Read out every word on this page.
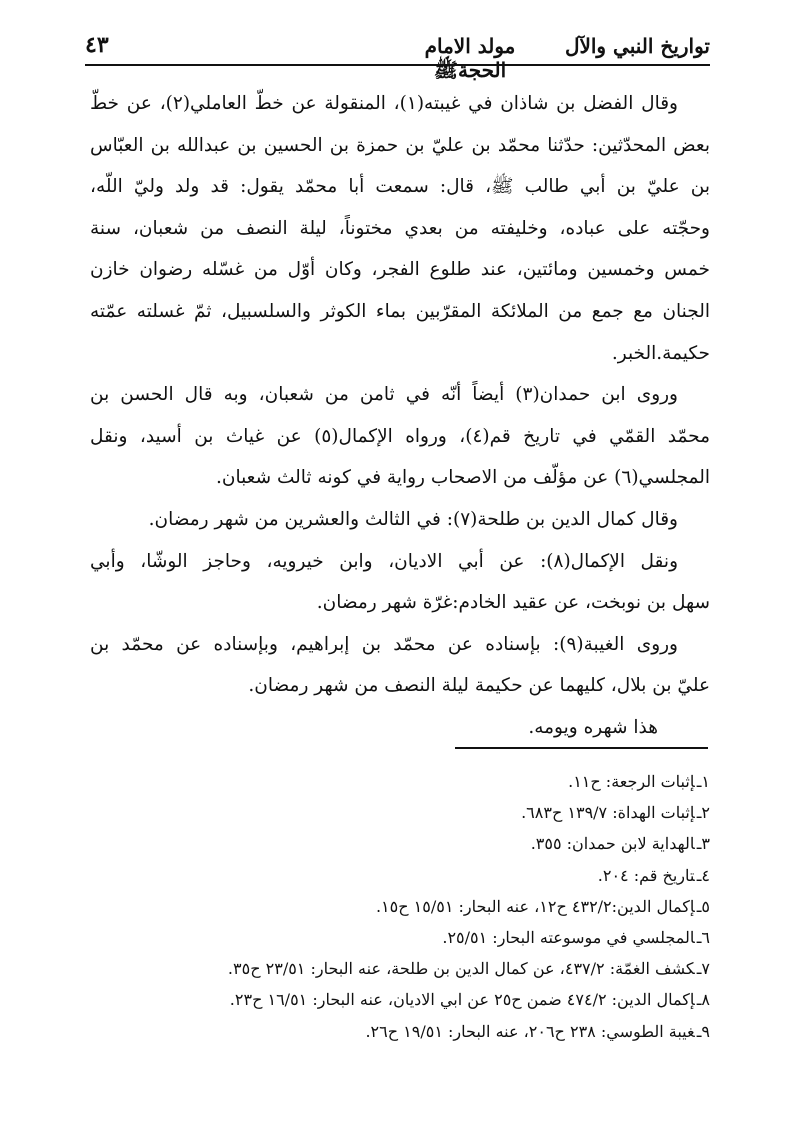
تواريخ النبي والآل
مولد الامام الحجةﷺ
٤٣
وقال الفضل بن شاذان في غيبته(١)، المنقولة عن خطّ العاملي(٢)، عن خطّ
بعض المحدّثين: حدّثنا محمّد بن عليّ بن حمزة بن الحسين بن عبدالله بن العبّاس
بن عليّ بن أبي طالب ﷺ، قال: سمعت أبا محمّد يقول: قد ولد وليّ اللّه،
وحجّته على عباده، وخليفته من بعدي مختوناً، ليلة النصف من شعبان، سنة
خمس وخمسين ومائتين، عند طلوع الفجر، وكان أوّل من غسّله رضوان خازن
الجنان مع جمع من الملائكة المقرّبين بماء الكوثر والسلسبيل، ثمّ غسلته عمّته
حكيمة.الخبر.
وروى ابن حمدان(٣) أيضاً أنّه في ثامن من شعبان، وبه قال الحسن بن
محمّد القمّي في تاريخ قم(٤)، ورواه الإكمال(٥) عن غياث بن أسيد، ونقل
المجلسي(٦) عن مؤلّف من الاصحاب رواية في كونه ثالث شعبان.
وقال كمال الدين بن طلحة(٧): في الثالث والعشرين من شهر رمضان.
ونقل الإكمال(٨): عن أبي الاديان، وابن خيرويه، وحاجز الوشّا، وأبي
سهل بن نوبخت، عن عقيد الخادم:غرّة شهر رمضان.
وروى الغيبة(٩): بإسناده عن محمّد بن إبراهيم، وبإسناده عن محمّد بن
عليّ بن بلال، كليهما عن حكيمة ليلة النصف من شهر رمضان.
هذا شهره ويومه.
١ـإثبات الرجعة: ح١١.
٢ـإثبات الهداة: ١٣٩/٧ ح٦٨٣.
٣ـالهداية لابن حمدان: ٣٥٥.
٤ـتاريخ قم: ٢٠٤.
٥ـإكمال الدين:٤٣٢/٢ ح١٢، عنه البحار: ١٥/٥١ ح١٥.
٦ـالمجلسي في موسوعته البحار: ٢٥/٥١.
٧ـكشف الغمّة: ٤٣٧/٢، عن كمال الدين بن طلحة، عنه البحار: ٢٣/٥١ ح٣٥.
٨ـإكمال الدين: ٤٧٤/٢ ضمن ح٢٥ عن ابي الاديان، عنه البحار: ١٦/٥١ ح٢٣.
٩ـغيبة الطوسي: ٢٣٨ ح٢٠٦، عنه البحار: ١٩/٥١ ح٢٦.
